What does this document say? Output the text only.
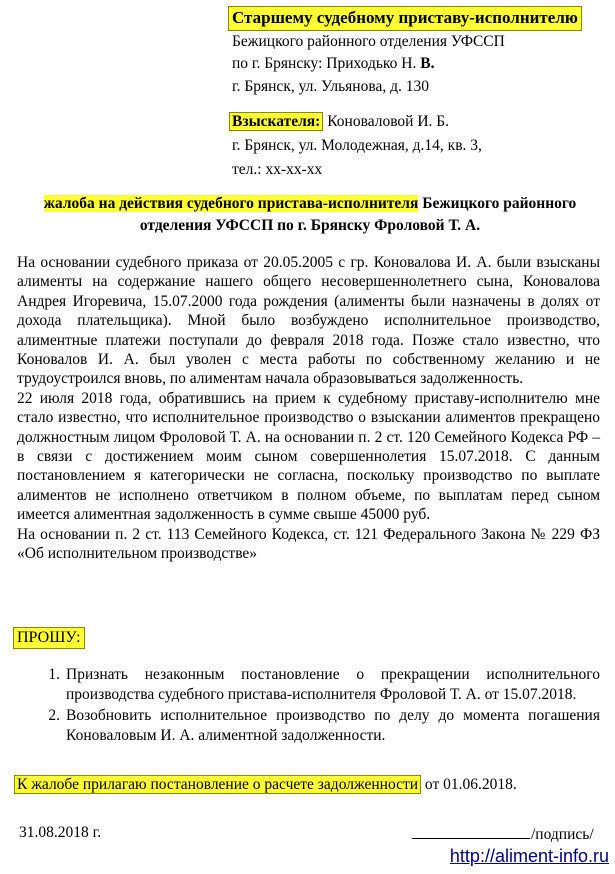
Старшему судебному приставу-исполнителю
Бежицкого районного отделения УФССП
по г. Брянску: Приходько Н. В.
г. Брянск, ул. Ульянова, д. 130
Взыскателя: Коноваловой И. Б.
г. Брянск, ул. Молодежная, д.14, кв. 3,
тел.: xx-xx-xx
жалоба на действия судебного пристава-исполнителя Бежицкого районного отделения УФССП по г. Брянску Фроловой Т. А.

На основании судебного приказа от 20.05.2005 с гр. Коновалова И. А. были взысканы алименты на содержание нашего общего несовершеннолетнего сына, Коновалова Андрея Игоревича, 15.07.2000 года рождения (алименты были назначены в долях от дохода плательщика). Мной было возбуждено исполнительное производство, алиментные платежи поступали до февраля 2018 года. Позже стало известно, что Коновалов И. А. был уволен с места работы по собственному желанию и не трудоустроился вновь, по алиментам начала образовываться задолженность.

22 июля 2018 года, обратившись на прием к судебному приставу-исполнителю мне стало известно, что исполнительное производство о взыскании алиментов прекращено должностным лицом Фроловой Т. А. на основании п. 2 ст. 120 Семейного Кодекса РФ – в связи с достижением моим сыном совершеннолетия 15.07.2018. С данным постановлением я категорически не согласна, поскольку производство по выплате алиментов не исполнено ответчиком в полном объеме, по выплатам перед сыном имеется алиментная задолженность в сумме свыше 45000 руб.

На основании п. 2 ст. 113 Семейного Кодекса, ст. 121 Федерального Закона № 229 ФЗ «Об исполнительном производстве»

ПРОШУ:
1. Признать незаконным постановление о прекращении исполнительного производства судебного пристава-исполнителя Фроловой Т. А. от 15.07.2018.
2. Возобновить исполнительное производство по делу до момента погашения Коноваловым И. А. алиментной задолженности.
К жалобе прилагаю постановление о расчете задолженности от 01.06.2018.
31.08.2018 г.	/подпись/
http://aliment-info.ru
